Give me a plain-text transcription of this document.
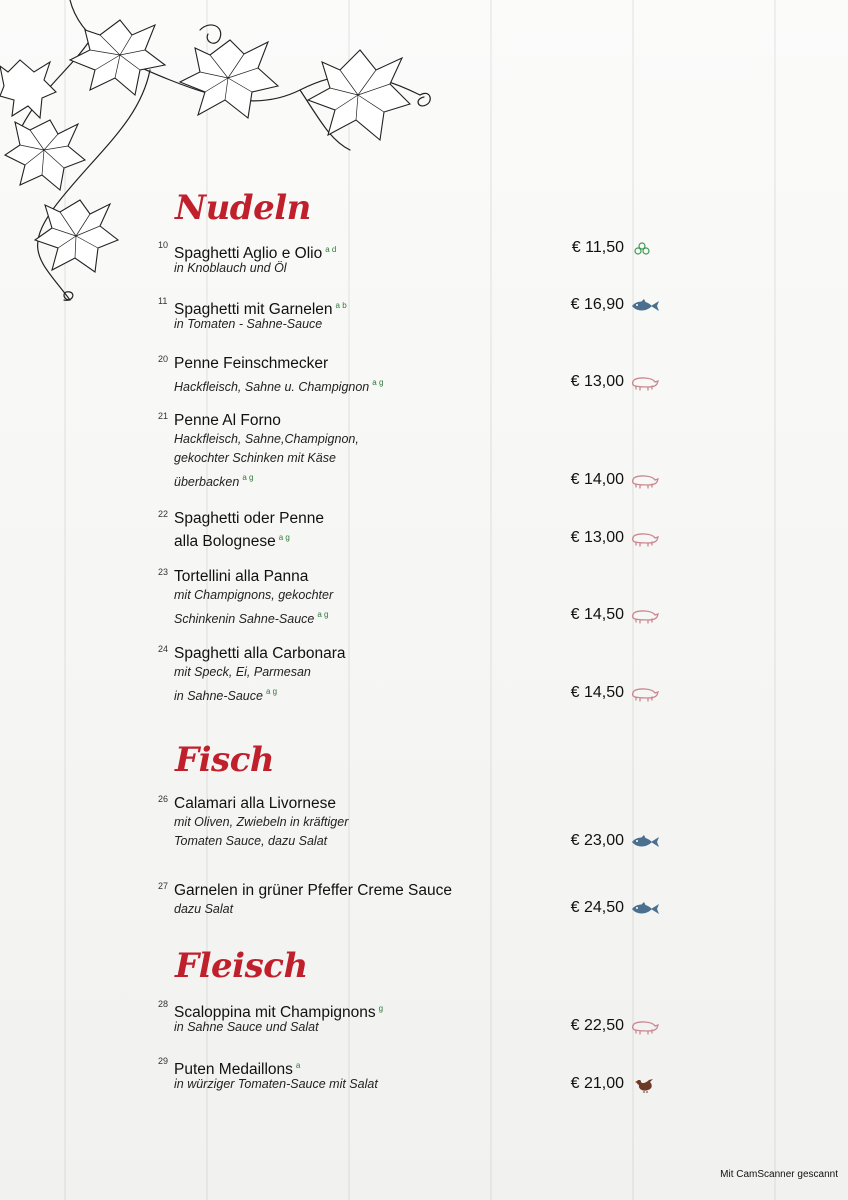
Nudeln
10 Spaghetti Aglio e Olio $^{a d}$
in Knoblauch und Öl
€ 11,50
11 Spaghetti mit Garnelen $^{a b}$
in Tomaten - Sahne-Sauce
€ 16,90
20 Penne Feinschmecker
Hackfleisch, Sahne u. Champignon $^{a g}$	€ 13,00
21 Penne Al Forno
Hackfleisch, Sahne,Champignon,
gekochter Schinken mit Käse
überbacken $^{a g}$	€ 14,00
22 Spaghetti oder Penne
alla Bolognese $^{a g}$	€ 13,00
23 Tortellini alla Panna
mit Champignons, gekochter
Schinkenin Sahne-Sauce $^{a g}$	€ 14,50
24 Spaghetti alla Carbonara
mit Speck, Ei, Parmesan
in Sahne-Sauce $^{a g}$	€ 14,50
Fisch
26 Calamari alla Livornese
mit Oliven, Zwiebeln in kräftiger
Tomaten Sauce, dazu Salat	€ 23,00
27 Garnelen in grüner Pfeffer Creme Sauce
dazu Salat	€ 24,50
Fleisch
28 Scaloppina mit Champignons $^g$
in Sahne Sauce und Salat	€ 22,50
29 Puten Medaillons $^a$
in würziger Tomaten-Sauce mit Salat	€ 21,00
Mit CamScanner gescannt
